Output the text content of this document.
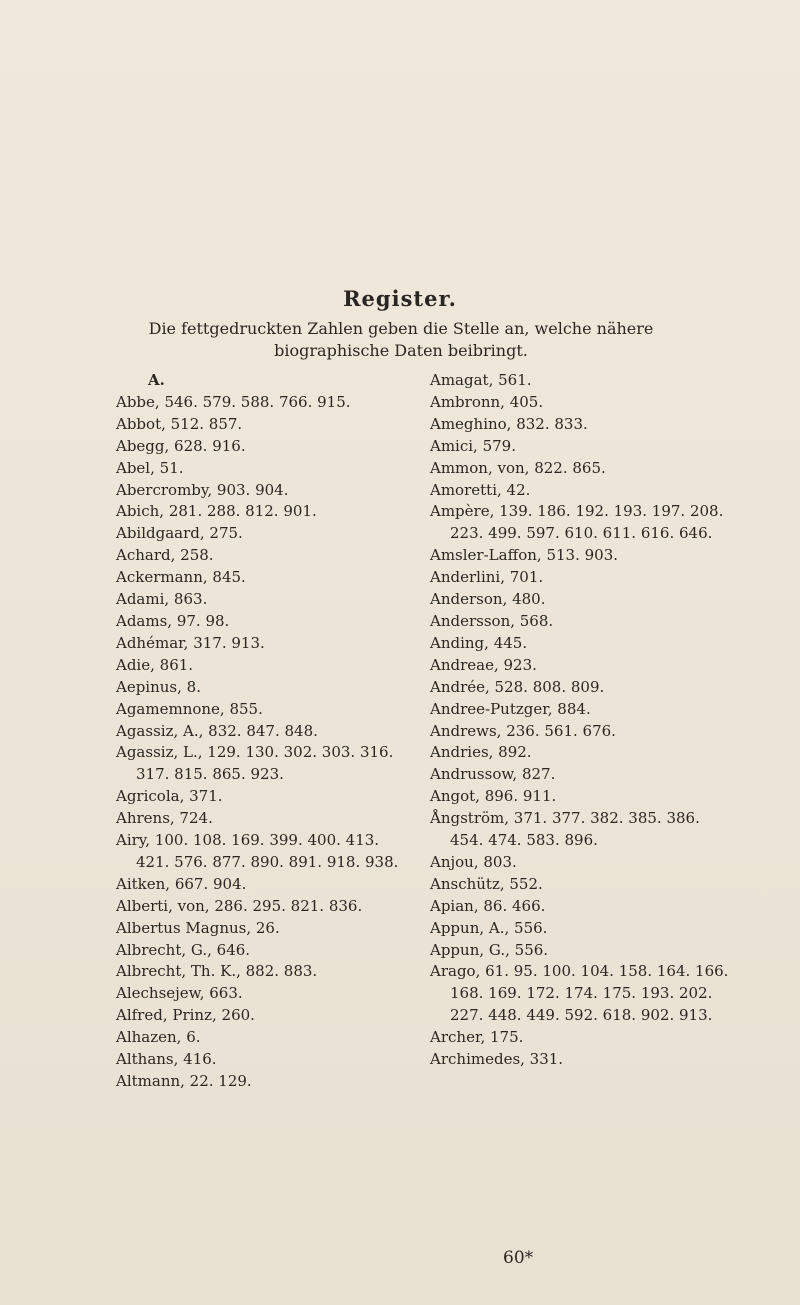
Register.
Die fettgedruckten Zahlen geben die Stelle an, welche nähere biographische Daten beibringt.
A.
Abbe, 546. 579. 588. 766. 915.
Abbot, 512. 857.
Abegg, 628. 916.
Abel, 51.
Abercromby, 903. 904.
Abich, 281. 288. 812. 901.
Abildgaard, 275.
Achard, 258.
Ackermann, 845.
Adami, 863.
Adams, 97. 98.
Adhémar, 317. 913.
Adie, 861.
Aepinus, 8.
Agamemnone, 855.
Agassiz, A., 832. 847. 848.
Agassiz, L., 129. 130. 302. 303. 316. 317. 815. 865. 923.
Agricola, 371.
Ahrens, 724.
Airy, 100. 108. 169. 399. 400. 413. 421. 576. 877. 890. 891. 918. 938.
Aitken, 667. 904.
Alberti, von, 286. 295. 821. 836.
Albertus Magnus, 26.
Albrecht, G., 646.
Albrecht, Th. K., 882. 883.
Alechsejew, 663.
Alfred, Prinz, 260.
Alhazen, 6.
Althans, 416.
Altmann, 22. 129.
Amagat, 561.
Ambronn, 405.
Ameghino, 832. 833.
Amici, 579.
Ammon, von, 822. 865.
Amoretti, 42.
Ampère, 139. 186. 192. 193. 197. 208. 223. 499. 597. 610. 611. 616. 646.
Amsler-Laffon, 513. 903.
Anderlini, 701.
Anderson, 480.
Andersson, 568.
Anding, 445.
Andreae, 923.
Andrée, 528. 808. 809.
Andree-Putzger, 884.
Andrews, 236. 561. 676.
Andries, 892.
Andrussow, 827.
Angot, 896. 911.
Ångström, 371. 377. 382. 385. 386. 454. 474. 583. 896.
Anjou, 803.
Anschütz, 552.
Apian, 86. 466.
Appun, A., 556.
Appun, G., 556.
Arago, 61. 95. 100. 104. 158. 164. 166. 168. 169. 172. 174. 175. 193. 202. 227. 448. 449. 592. 618. 902. 913.
Archer, 175.
Archimedes, 331.
60*
